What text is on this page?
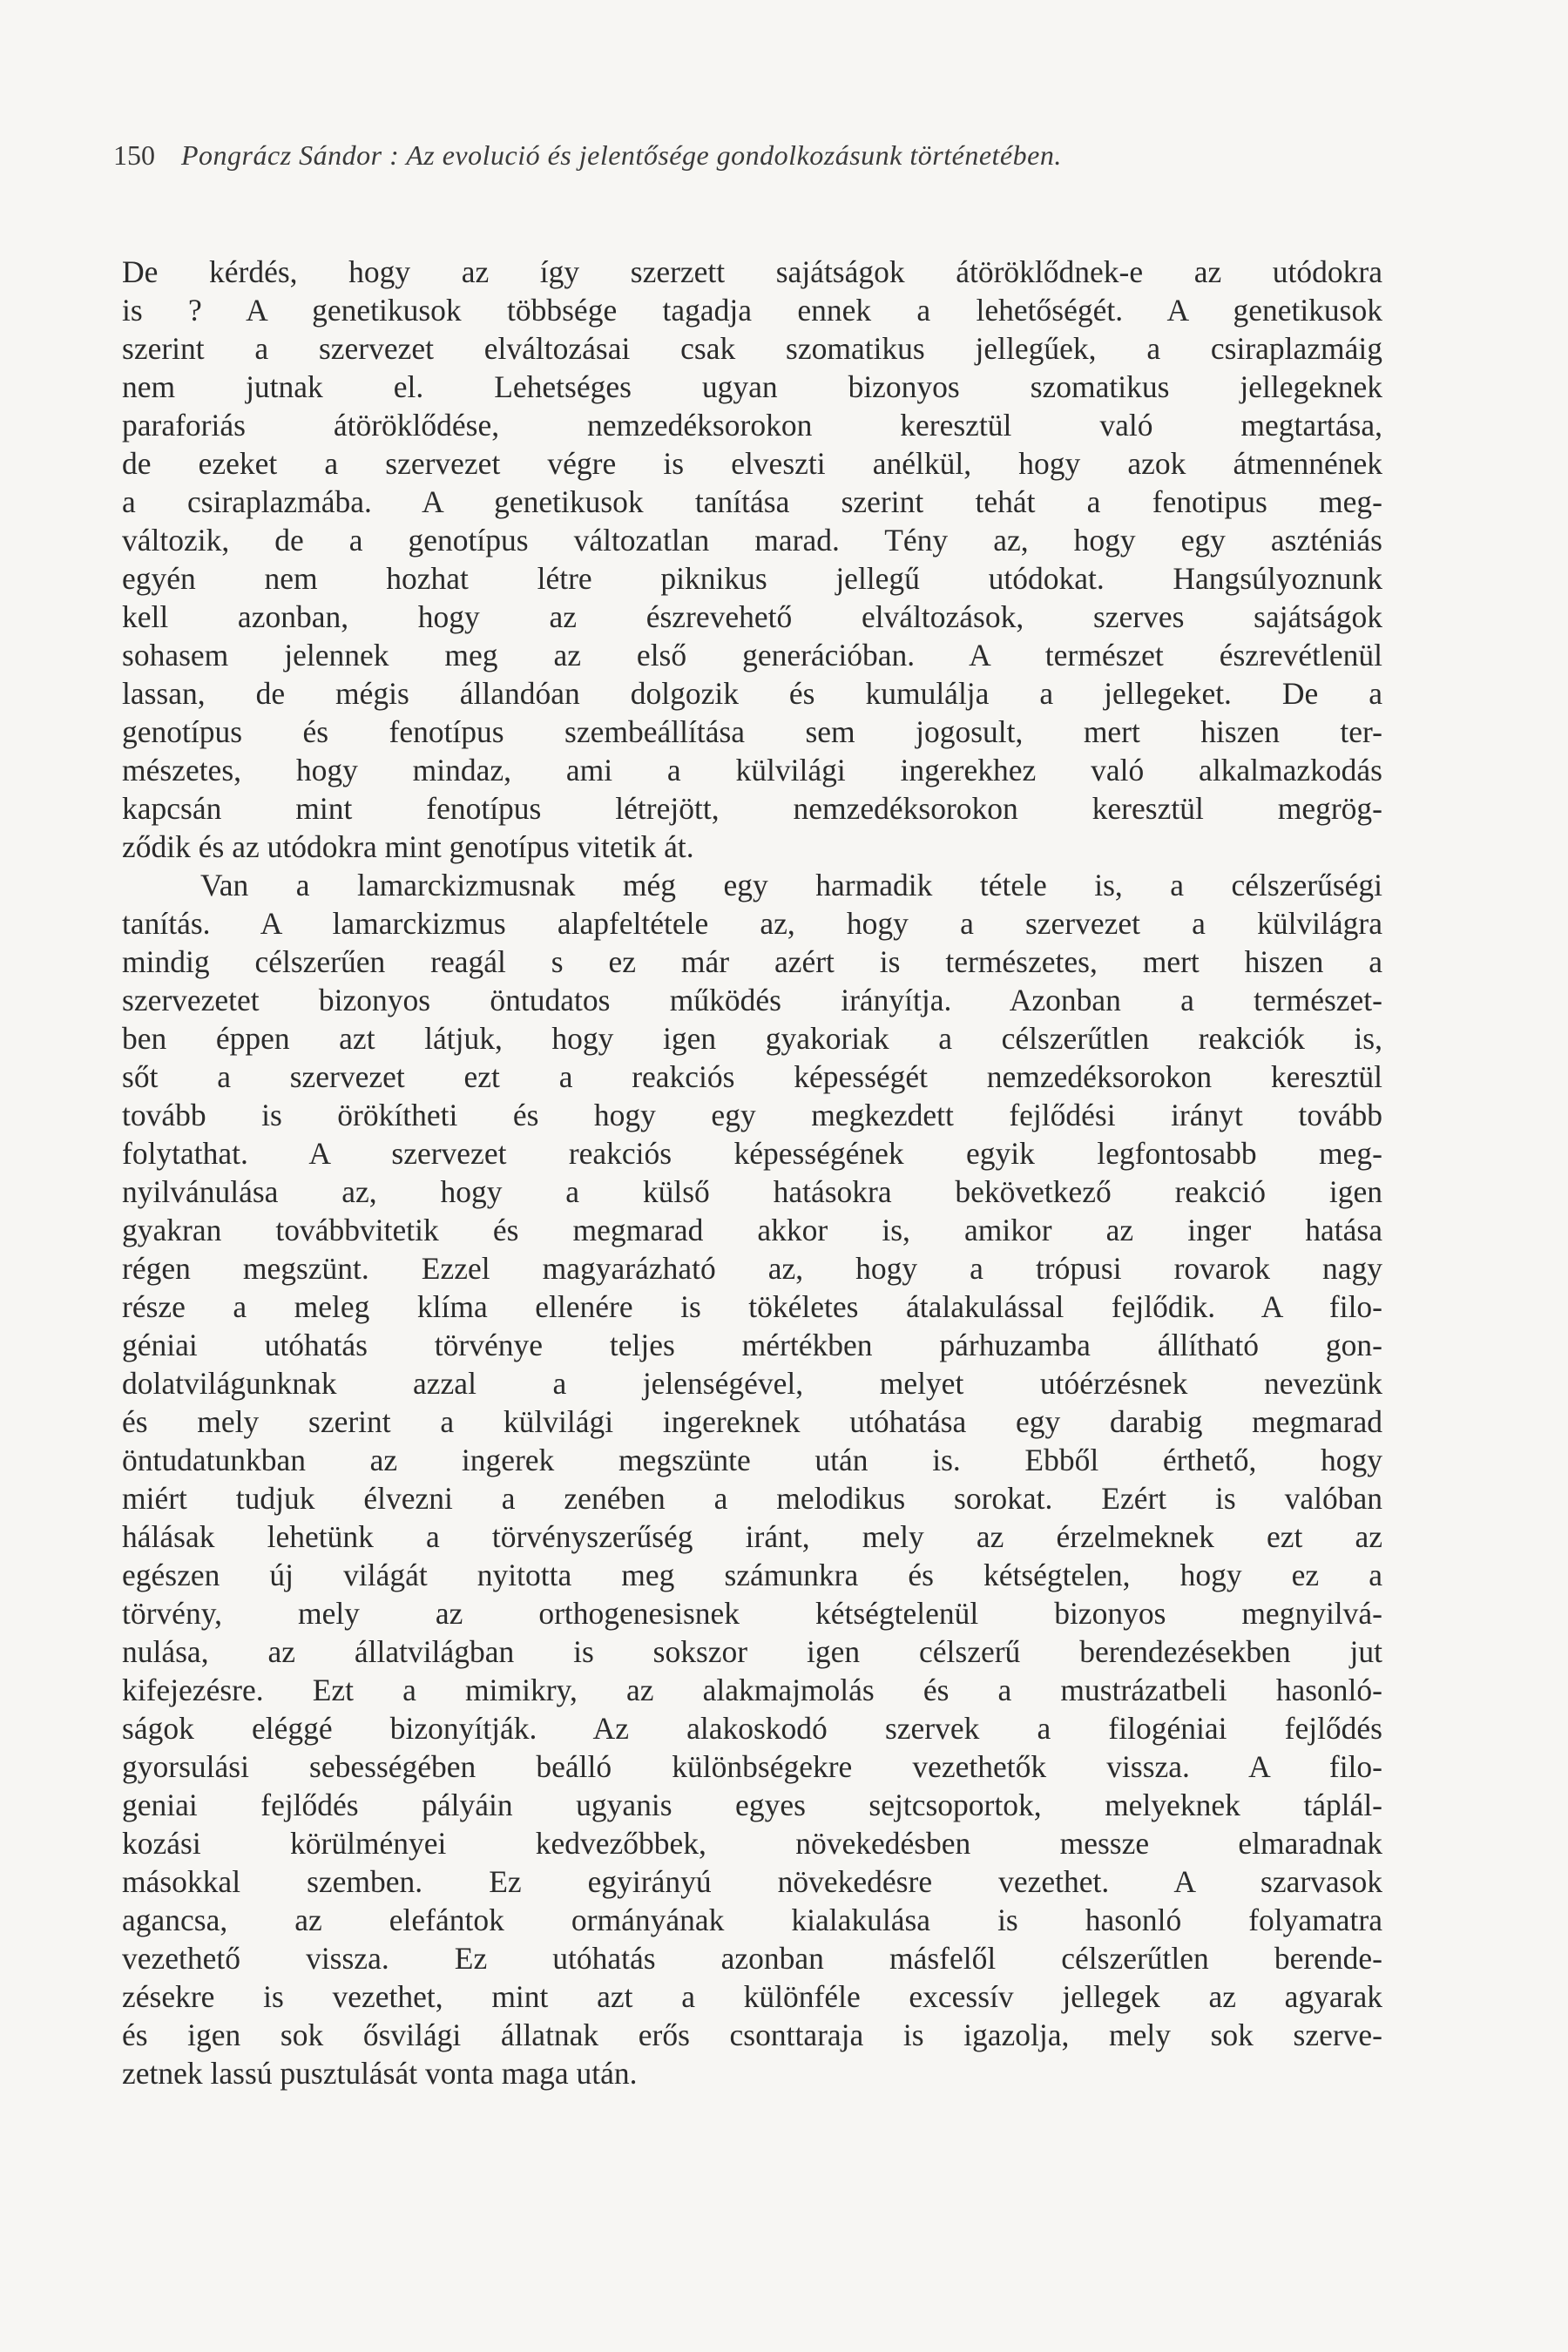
150 Pongrácz Sándor : Az evolució és jelentősége gondolkozásunk történetében.
De kérdés, hogy az így szerzett sajátságok átöröklődnek-e az utódokra
is ? A genetikusok többsége tagadja ennek a lehetőségét. A genetikusok
szerint a szervezet elváltozásai csak szomatikus jellegűek, a csiraplazmáig
nem jutnak el. Lehetséges ugyan bizonyos szomatikus jellegeknek
paraforiás átöröklődése, nemzedéksorokon keresztül való megtartása,
de ezeket a szervezet végre is elveszti anélkül, hogy azok átmennének
a csiraplazmába. A genetikusok tanítása szerint tehát a fenotipus meg-
változik, de a genotípus változatlan marad. Tény az, hogy egy aszténiás
egyén nem hozhat létre piknikus jellegű utódokat. Hangsúlyoznunk
kell azonban, hogy az észrevehető elváltozások, szerves sajátságok
sohasem jelennek meg az első generációban. A természet észrevétlenül
lassan, de mégis állandóan dolgozik és kumulálja a jellegeket. De a
genotípus és fenotípus szembeállítása sem jogosult, mert hiszen ter-
mészetes, hogy mindaz, ami a külvilági ingerekhez való alkalmazkodás
kapcsán mint fenotípus létrejött, nemzedéksorokon keresztül megrög-
ződik és az utódokra mint genotípus vitetik át.
Van a lamarckizmusnak még egy harmadik tétele is, a célszerűségi
tanítás. A lamarckizmus alapfeltétele az, hogy a szervezet a külvilágra
mindig célszerűen reagál s ez már azért is természetes, mert hiszen a
szervezetet bizonyos öntudatos működés irányítja. Azonban a természet-
ben éppen azt látjuk, hogy igen gyakoriak a célszerűtlen reakciók is,
sőt a szervezet ezt a reakciós képességét nemzedéksorokon keresztül
tovább is örökítheti és hogy egy megkezdett fejlődési irányt tovább
folytathat. A szervezet reakciós képességének egyik legfontosabb meg-
nyilvánulása az, hogy a külső hatásokra bekövetkező reakció igen
gyakran továbbvitetik és megmarad akkor is, amikor az inger hatása
régen megszünt. Ezzel magyarázható az, hogy a trópusi rovarok nagy
része a meleg klíma ellenére is tökéletes átalakulással fejlődik. A filo-
géniai utóhatás törvénye teljes mértékben párhuzamba állítható gon-
dolatvilágunknak azzal a jelenségével, melyet utóérzésnek nevezünk
és mely szerint a külvilági ingereknek utóhatása egy darabig megmarad
öntudatunkban az ingerek megszünte után is. Ebből érthető, hogy
miért tudjuk élvezni a zenében a melodikus sorokat. Ezért is valóban
hálásak lehetünk a törvényszerűség iránt, mely az érzelmeknek ezt az
egészen új világát nyitotta meg számunkra és kétségtelen, hogy ez a
törvény, mely az orthogenesisnek kétségtelenül bizonyos megnyilvá-
nulása, az állatvilágban is sokszor igen célszerű berendezésekben jut
kifejezésre. Ezt a mimikry, az alakmajmolás és a mustrázatbeli hasonló-
ságok eléggé bizonyítják. Az alakoskodó szervek a filogéniai fejlődés
gyorsulási sebességében beálló különbségekre vezethetők vissza. A filo-
geniai fejlődés pályáin ugyanis egyes sejtcsoportok, melyeknek táplál-
kozási körülményei kedvezőbbek, növekedésben messze elmaradnak
másokkal szemben. Ez egyirányú növekedésre vezethet. A szarvasok
agancsa, az elefántok ormányának kialakulása is hasonló folyamatra
vezethető vissza. Ez utóhatás azonban másfelől célszerűtlen berende-
zésekre is vezethet, mint azt a különféle excessív jellegek az agyarak
és igen sok ősvilági állatnak erős csonttaraja is igazolja, mely sok szerve-
zetnek lassú pusztulását vonta maga után.
